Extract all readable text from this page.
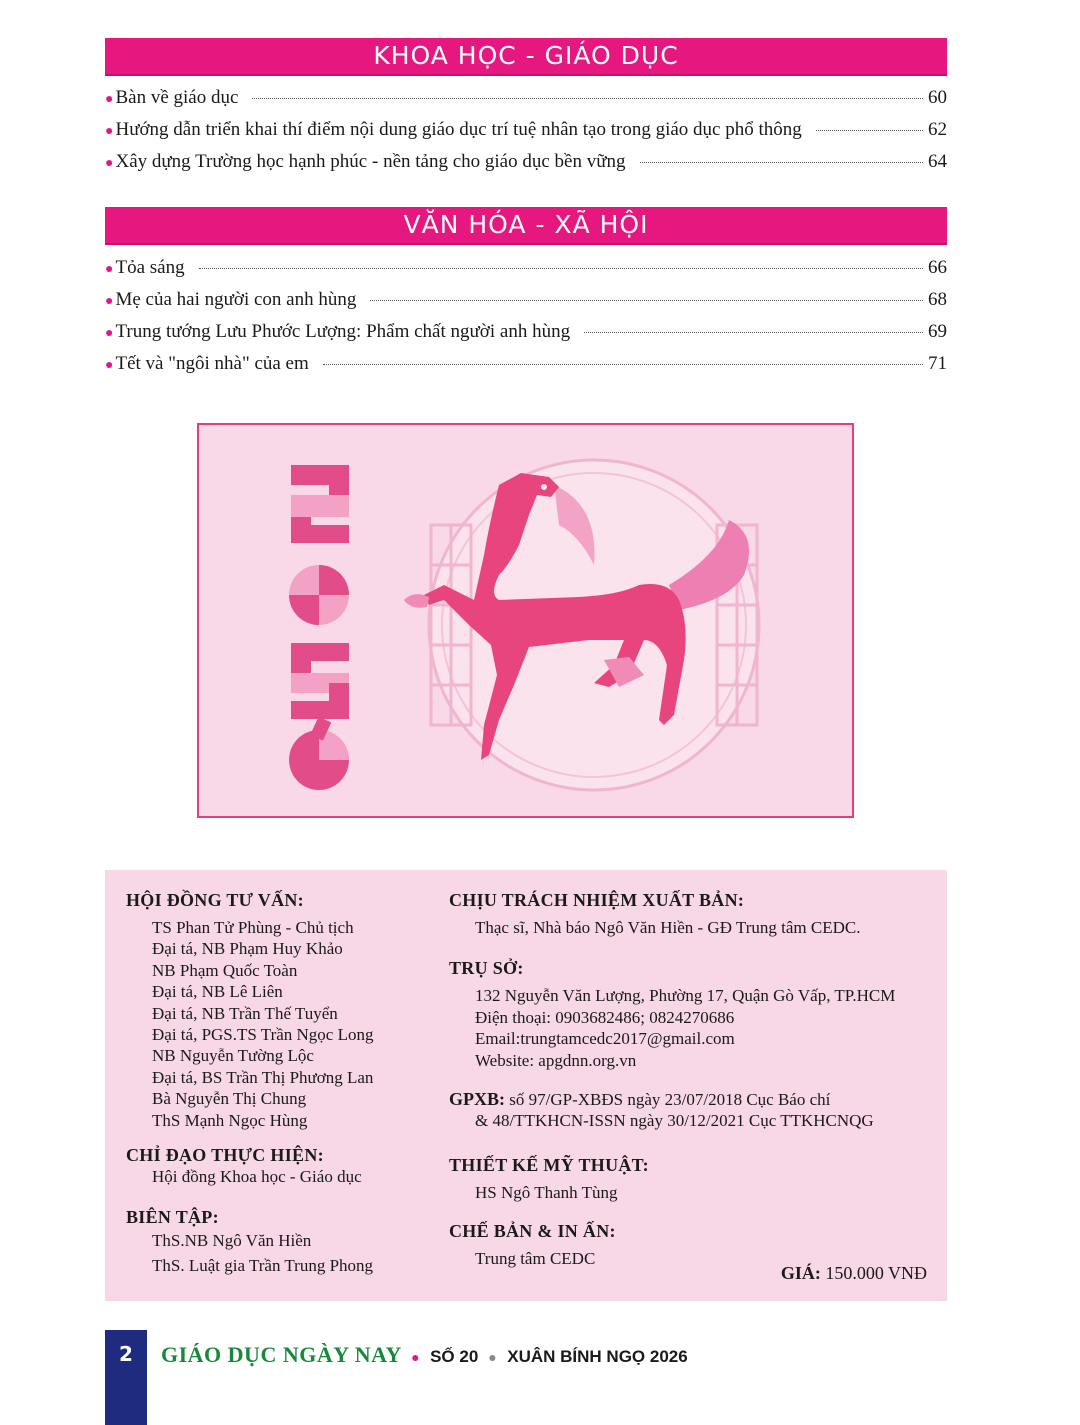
KHOA HỌC - GIÁO DỤC
● Bàn về giáo dục	60
● Hướng dẫn triển khai thí điểm nội dung giáo dục trí tuệ nhân tạo trong giáo dục phổ thông	62
● Xây dựng Trường học hạnh phúc - nền tảng cho giáo dục bền vững	64
VĂN HÓA - XÃ HỘI
● Tỏa sáng	66
● Mẹ của hai người con anh hùng	68
● Trung tướng Lưu Phước Lượng: Phẩm chất người anh hùng	69
● Tết và "ngôi nhà" của em	71
HỘI ĐỒNG TƯ VẤN:
TS Phan Tử Phùng - Chủ tịch
Đại tá, NB Phạm Huy Khảo
NB Phạm Quốc Toàn
Đại tá, NB Lê Liên
Đại tá, NB Trần Thế Tuyển
Đại tá, PGS.TS Trần Ngọc Long
NB Nguyễn Tường Lộc
Đại tá, BS Trần Thị Phương Lan
Bà Nguyễn Thị Chung
ThS Mạnh Ngọc Hùng
CHỈ ĐẠO THỰC HIỆN:
Hội đồng Khoa học - Giáo dục
BIÊN TẬP:
ThS.NB Ngô Văn Hiền
ThS. Luật gia Trần Trung Phong
CHỊU TRÁCH NHIỆM XUẤT BẢN:
Thạc sĩ, Nhà báo Ngô Văn Hiền - GĐ Trung tâm CEDC.
TRỤ SỞ:
132 Nguyễn Văn Lượng, Phường 17, Quận Gò Vấp, TP.HCM
Điện thoại: 0903682486; 0824270686
Email:trungtamcedc2017@gmail.com
Website: apgdnn.org.vn
GPXB: số 97/GP-XBĐS ngày 23/07/2018 Cục Báo chí
& 48/TTKHCN-ISSN ngày 30/12/2021 Cục TTKHCNQG
THIẾT KẾ MỸ THUẬT:
HS Ngô Thanh Tùng
CHẾ BẢN & IN ẤN:
Trung tâm CEDC
GIÁ: 150.000 VNĐ
2	GIÁO DỤC NGÀY NAY ● SỐ 20 ● XUÂN BÍNH NGỌ 2026
